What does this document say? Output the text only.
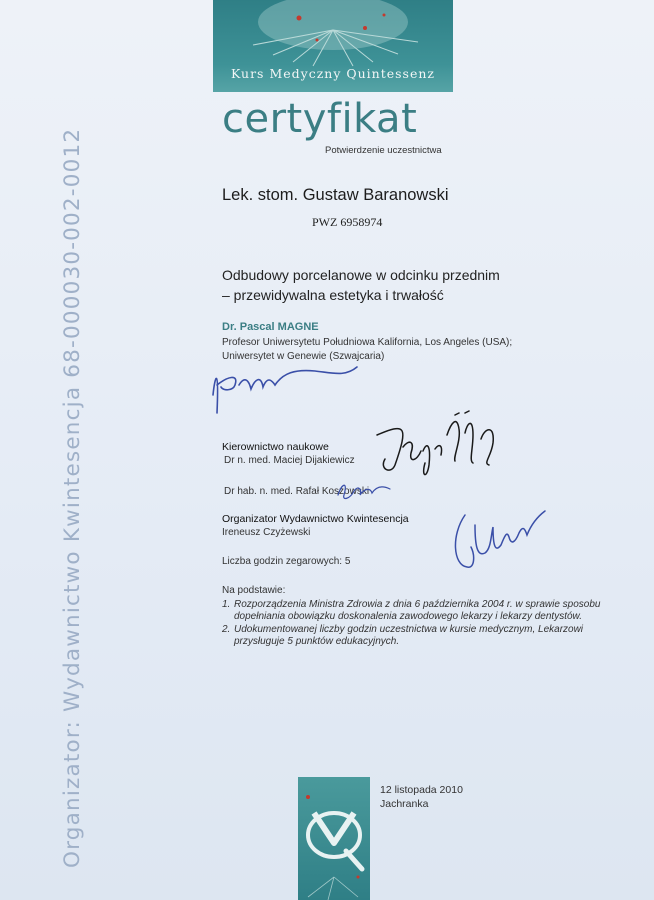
Organizator: Wydawnictwo Kwintesencja 68-000030-002-0012
Kurs Medyczny Quintessenz
certyfikat
Potwierdzenie uczestnictwa
Lek. stom. Gustaw Baranowski
PWZ 6958974
Odbudowy porcelanowe w odcinku przednim
– przewidywalna estetyka i trwałość
Dr. Pascal MAGNE
Profesor Uniwersytetu Południowa Kalifornia, Los Angeles (USA);
Uniwersytet w Genewie (Szwajcaria)
Kierownictwo naukowe
Dr n. med. Maciej Dijakiewicz
Dr hab. n. med. Rafał Koszowski
Organizator Wydawnictwo Kwintesencja
Ireneusz Czyżewski
Liczba godzin zegarowych: 5
Na podstawie:
1. Rozporządzenia Ministra Zdrowia z dnia 6 października 2004 r. w sprawie sposobu dopełniania obowiązku doskonalenia zawodowego lekarzy i lekarzy dentystów.
2. Udokumentowanej liczby godzin uczestnictwa w kursie medycznym, Lekarzowi przysługuje 5 punktów edukacyjnych.
12 listopada 2010
Jachranka
